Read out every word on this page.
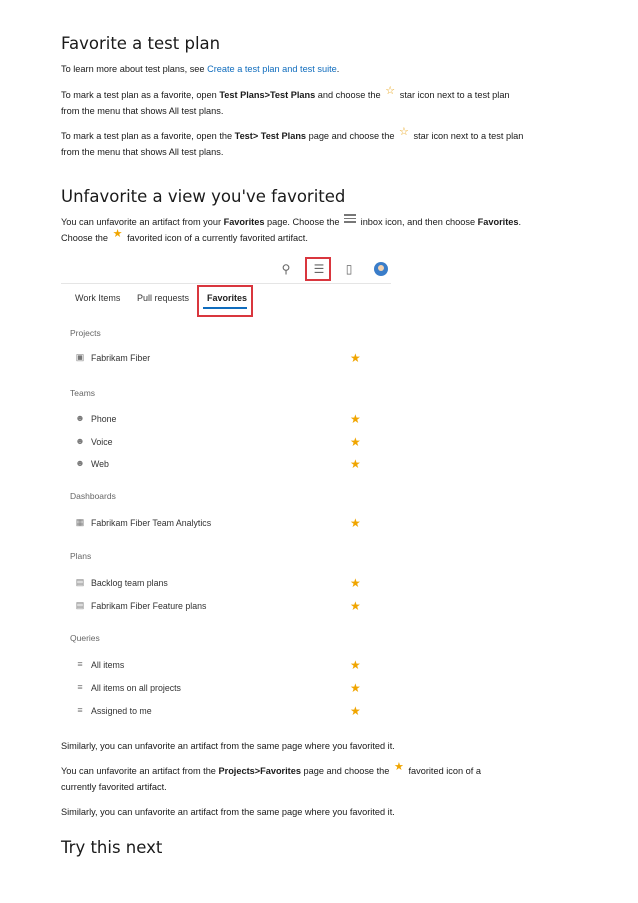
Favorite a test plan

To learn more about test plans, see Create a test plan and test suite.

To mark a test plan as a favorite, open Test Plans>Test Plans and choose the ☆ star icon next to a test plan
from the menu that shows All test plans.

To mark a test plan as a favorite, open the Test> Test Plans page and choose the ☆ star icon next to a test plan
from the menu that shows All test plans.

Unfavorite a view you've favorited

You can unfavorite an artifact from your Favorites page. Choose the
inbox icon, and then choose Favorites.
Choose the ★ favorited icon of a currently favorited artifact.

Similarly, you can unfavorite an artifact from the same page where you favorited it.

You can unfavorite an artifact from the Projects>Favorites page and choose the ★ favorited icon of a
currently favorited artifact.

Similarly, you can unfavorite an artifact from the same page where you favorited it.

Try this next
⚲ ☰	▯
Work Items Pull requests Favorites
Projects
▣ Fabrikam Fiber	★
Teams
☻ Phone	★
☻ Voice	★
☻ Web	★
Dashboards
▦ Fabrikam Fiber Team Analytics	★
Plans
▤ Backlog team plans	★
▤ Fabrikam Fiber Feature plans	★
Queries
≡ All items	★
≡ All items on all projects	★
≡ Assigned to me	★
